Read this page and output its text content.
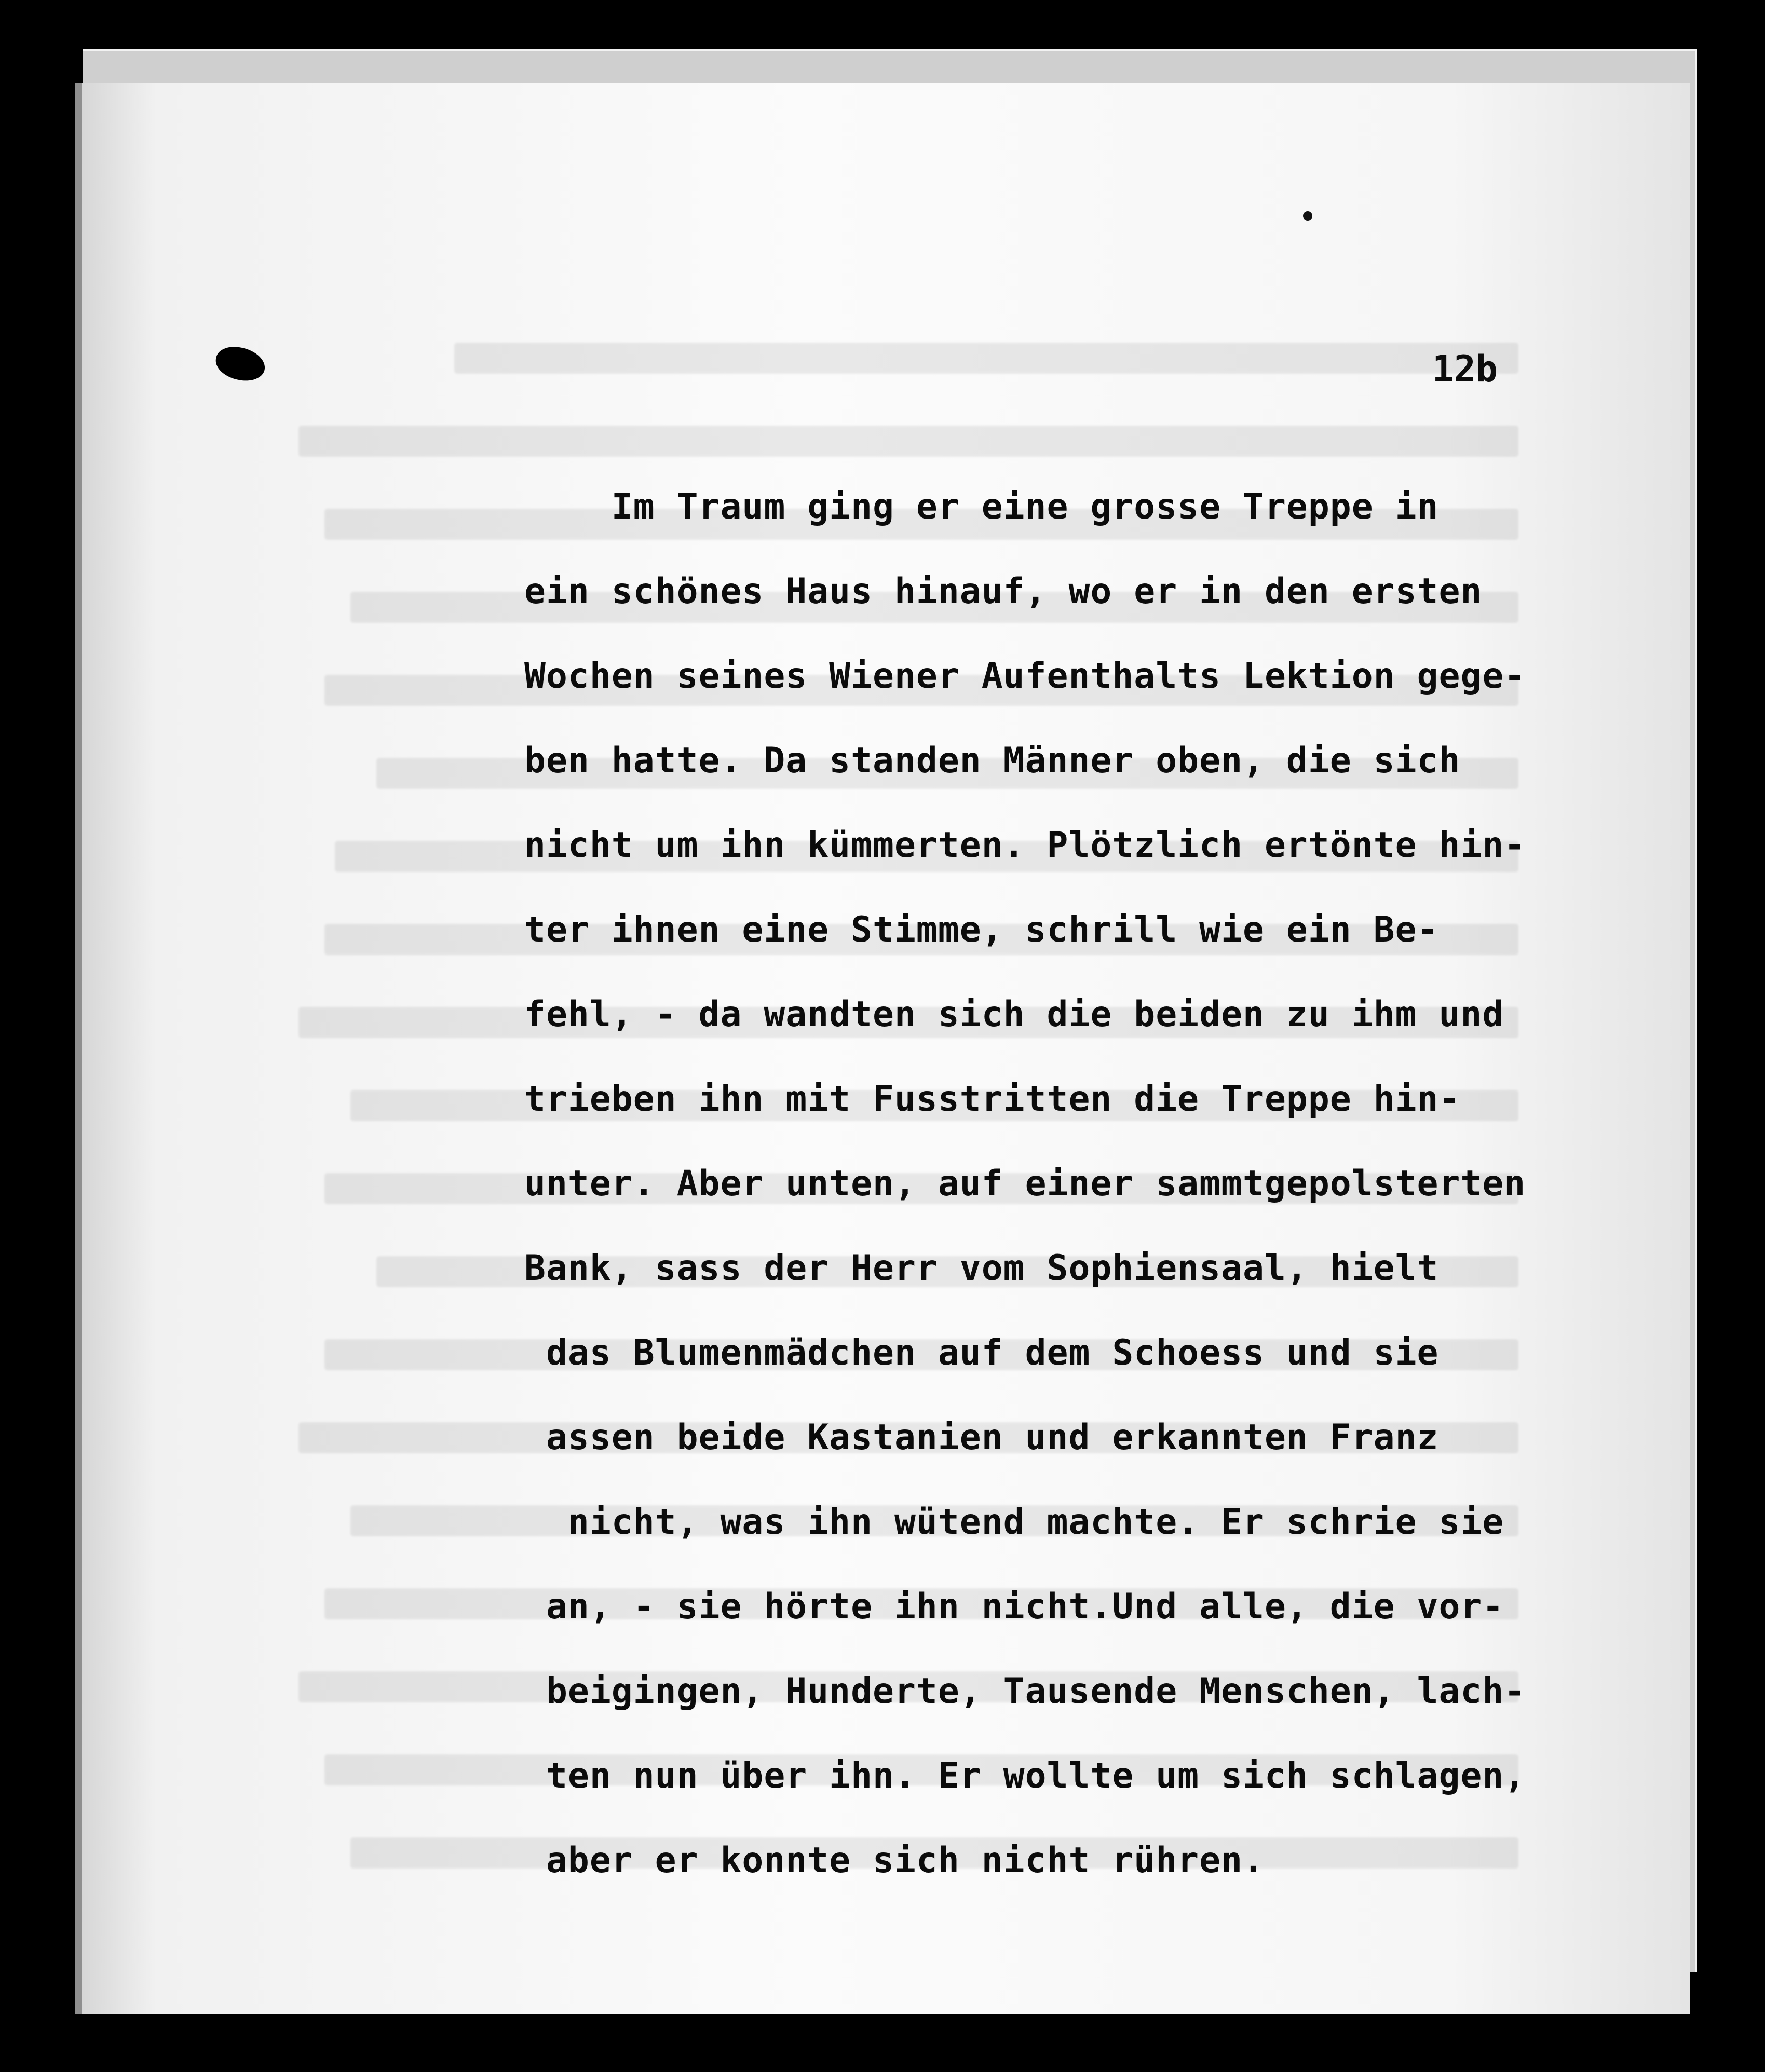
12b

Im Traum ging er eine grosse Treppe in
ein schönes Haus hinauf, wo er in den ersten
Wochen seines Wiener Aufenthalts Lektion gege-
ben hatte. Da standen Männer oben, die sich
nicht um ihn kümmerten. Plötzlich ertönte hin-
ter ihnen eine Stimme, schrill wie ein Be-
fehl, - da wandten sich die beiden zu ihm und
trieben ihn mit Fusstritten die Treppe hin-
unter. Aber unten, auf einer sammtgepolsterten
Bank, sass der Herr vom Sophiensaal, hielt
das Blumenmädchen auf dem Schoess und sie
assen beide Kastanien und erkannten Franz
nicht, was ihn wütend machte. Er schrie sie
an, - sie hörte ihn nicht.Und alle, die vor-
beigingen, Hunderte, Tausende Menschen, lach-
ten nun über ihn. Er wollte um sich schlagen,
aber er konnte sich nicht rühren.
